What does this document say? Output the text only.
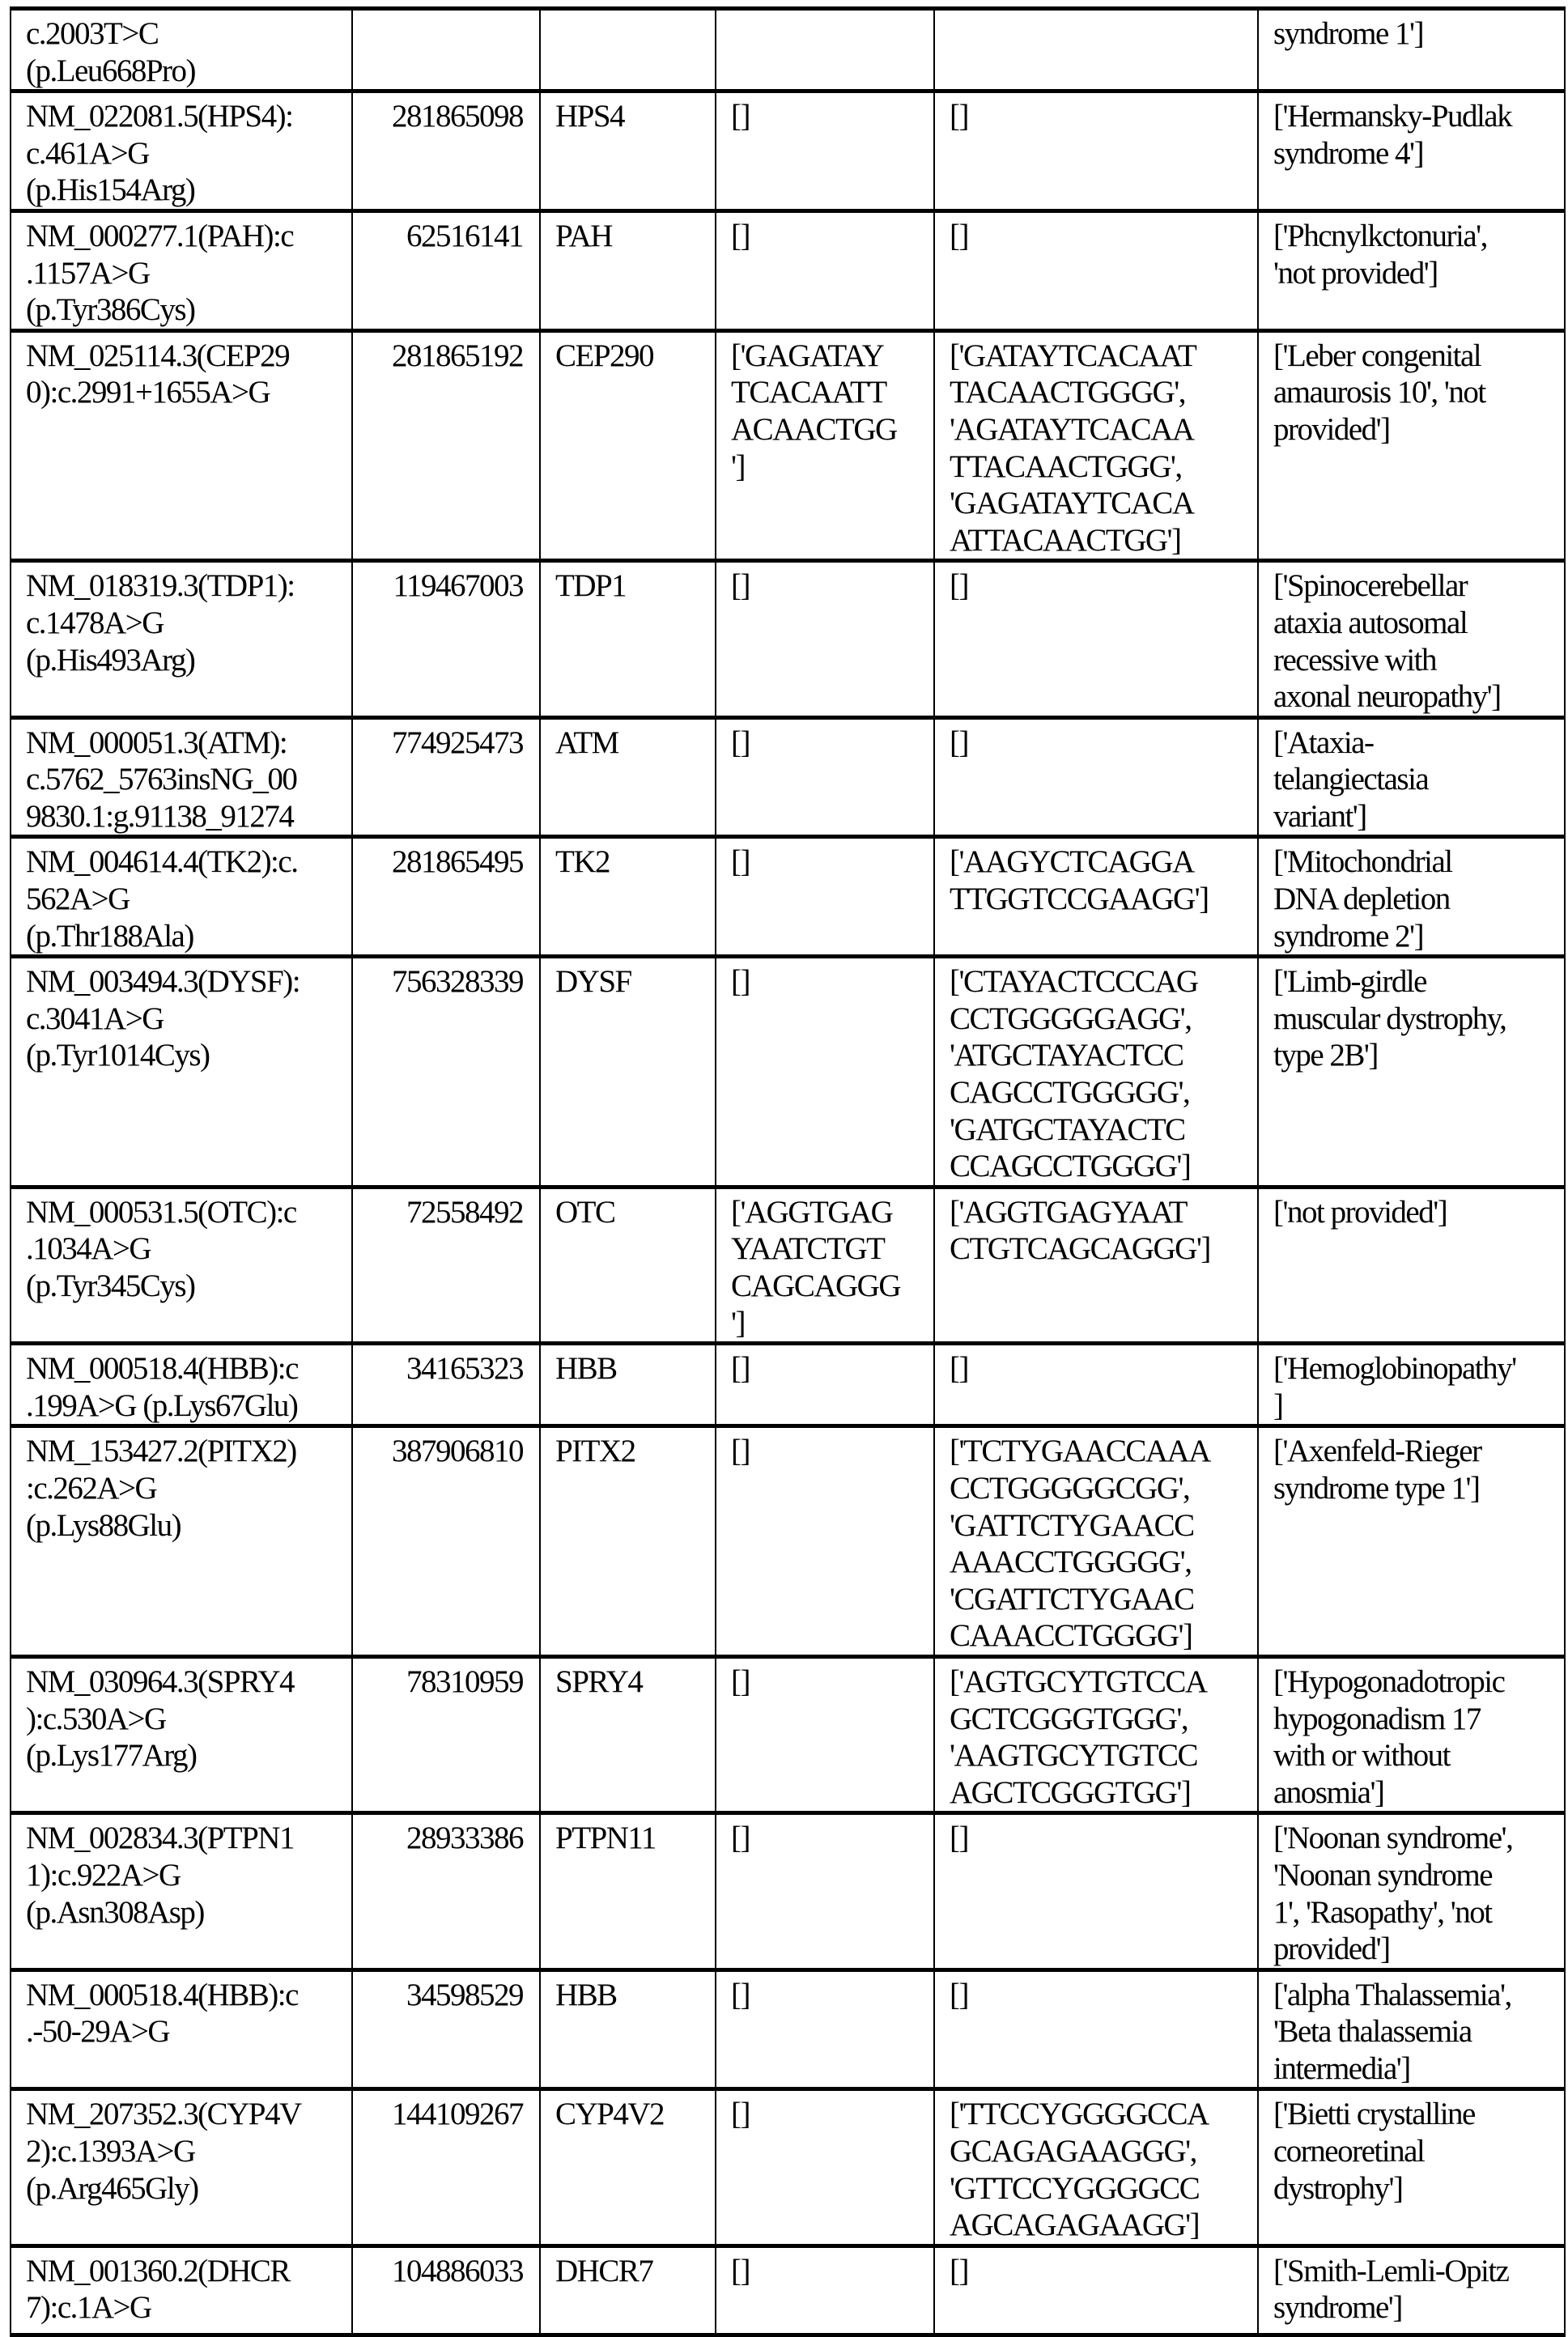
c.2003T>C
(p.Leu668Pro)					syndrome 1']
NM_022081.5(HPS4):
c.461A>G
(p.His154Arg)	281865098	HPS4	[]	[]	['Hermansky-Pudlak
syndrome 4']
NM_000277.1(PAH):c
.1157A>G
(p.Tyr386Cys)	62516141	PAH	[]	[]	['Phcnylkctonuria',
'not provided']
NM_025114.3(CEP29
0):c.2991+1655A>G	281865192	CEP290	['GAGATAY
TCACAATT
ACAACTGG
']	['GATAYTCACAAT
TACAACTGGGG',
'AGATAYTCACAA
TTACAACTGGG',
'GAGATAYTCACA
ATTACAACTGG']	['Leber congenital
amaurosis 10', 'not
provided']
NM_018319.3(TDP1):
c.1478A>G
(p.His493Arg)	119467003	TDP1	[]	[]	['Spinocerebellar
ataxia autosomal
recessive with
axonal neuropathy']
NM_000051.3(ATM):
c.5762_5763insNG_00
9830.1:g.91138_91274	774925473	ATM	[]	[]	['Ataxia-
telangiectasia
variant']
NM_004614.4(TK2):c.
562A>G
(p.Thr188Ala)	281865495	TK2	[]	['AAGYCTCAGGA
TTGGTCCGAAGG']	['Mitochondrial
DNA depletion
syndrome 2']
NM_003494.3(DYSF):
c.3041A>G
(p.Tyr1014Cys)	756328339	DYSF	[]	['CTAYACTCCCAG
CCTGGGGGAGG',
'ATGCTAYACTCC
CAGCCTGGGGG',
'GATGCTAYACTC
CCAGCCTGGGG']	['Limb-girdle
muscular dystrophy,
type 2B']
NM_000531.5(OTC):c
.1034A>G
(p.Tyr345Cys)	72558492	OTC	['AGGTGAG
YAATCTGT
CAGCAGGG
']	['AGGTGAGYAAT
CTGTCAGCAGGG']	['not provided']
NM_000518.4(HBB):c
.199A>G (p.Lys67Glu)	34165323	HBB	[]	[]	['Hemoglobinopathy'
]
NM_153427.2(PITX2)
:c.262A>G
(p.Lys88Glu)	387906810	PITX2	[]	['TCTYGAACCAAA
CCTGGGGGCGG',
'GATTCTYGAACC
AAACCTGGGGG',
'CGATTCTYGAAC
CAAACCTGGGG']	['Axenfeld-Rieger
syndrome type 1']
NM_030964.3(SPRY4
):c.530A>G
(p.Lys177Arg)	78310959	SPRY4	[]	['AGTGCYTGTCCA
GCTCGGGTGGG',
'AAGTGCYTGTCC
AGCTCGGGTGG']	['Hypogonadotropic
hypogonadism 17
with or without
anosmia']
NM_002834.3(PTPN1
1):c.922A>G
(p.Asn308Asp)	28933386	PTPN11	[]	[]	['Noonan syndrome',
'Noonan syndrome
1', 'Rasopathy', 'not
provided']
NM_000518.4(HBB):c
.-50-29A>G	34598529	HBB	[]	[]	['alpha Thalassemia',
'Beta thalassemia
intermedia']
NM_207352.3(CYP4V
2):c.1393A>G
(p.Arg465Gly)	144109267	CYP4V2	[]	['TTCCYGGGGCCA
GCAGAGAAGGG',
'GTTCCYGGGGCC
AGCAGAGAAGG']	['Bietti crystalline
corneoretinal
dystrophy']
NM_001360.2(DHCR
7):c.1A>G	104886033	DHCR7	[]	[]	['Smith-Lemli-Opitz
syndrome']
